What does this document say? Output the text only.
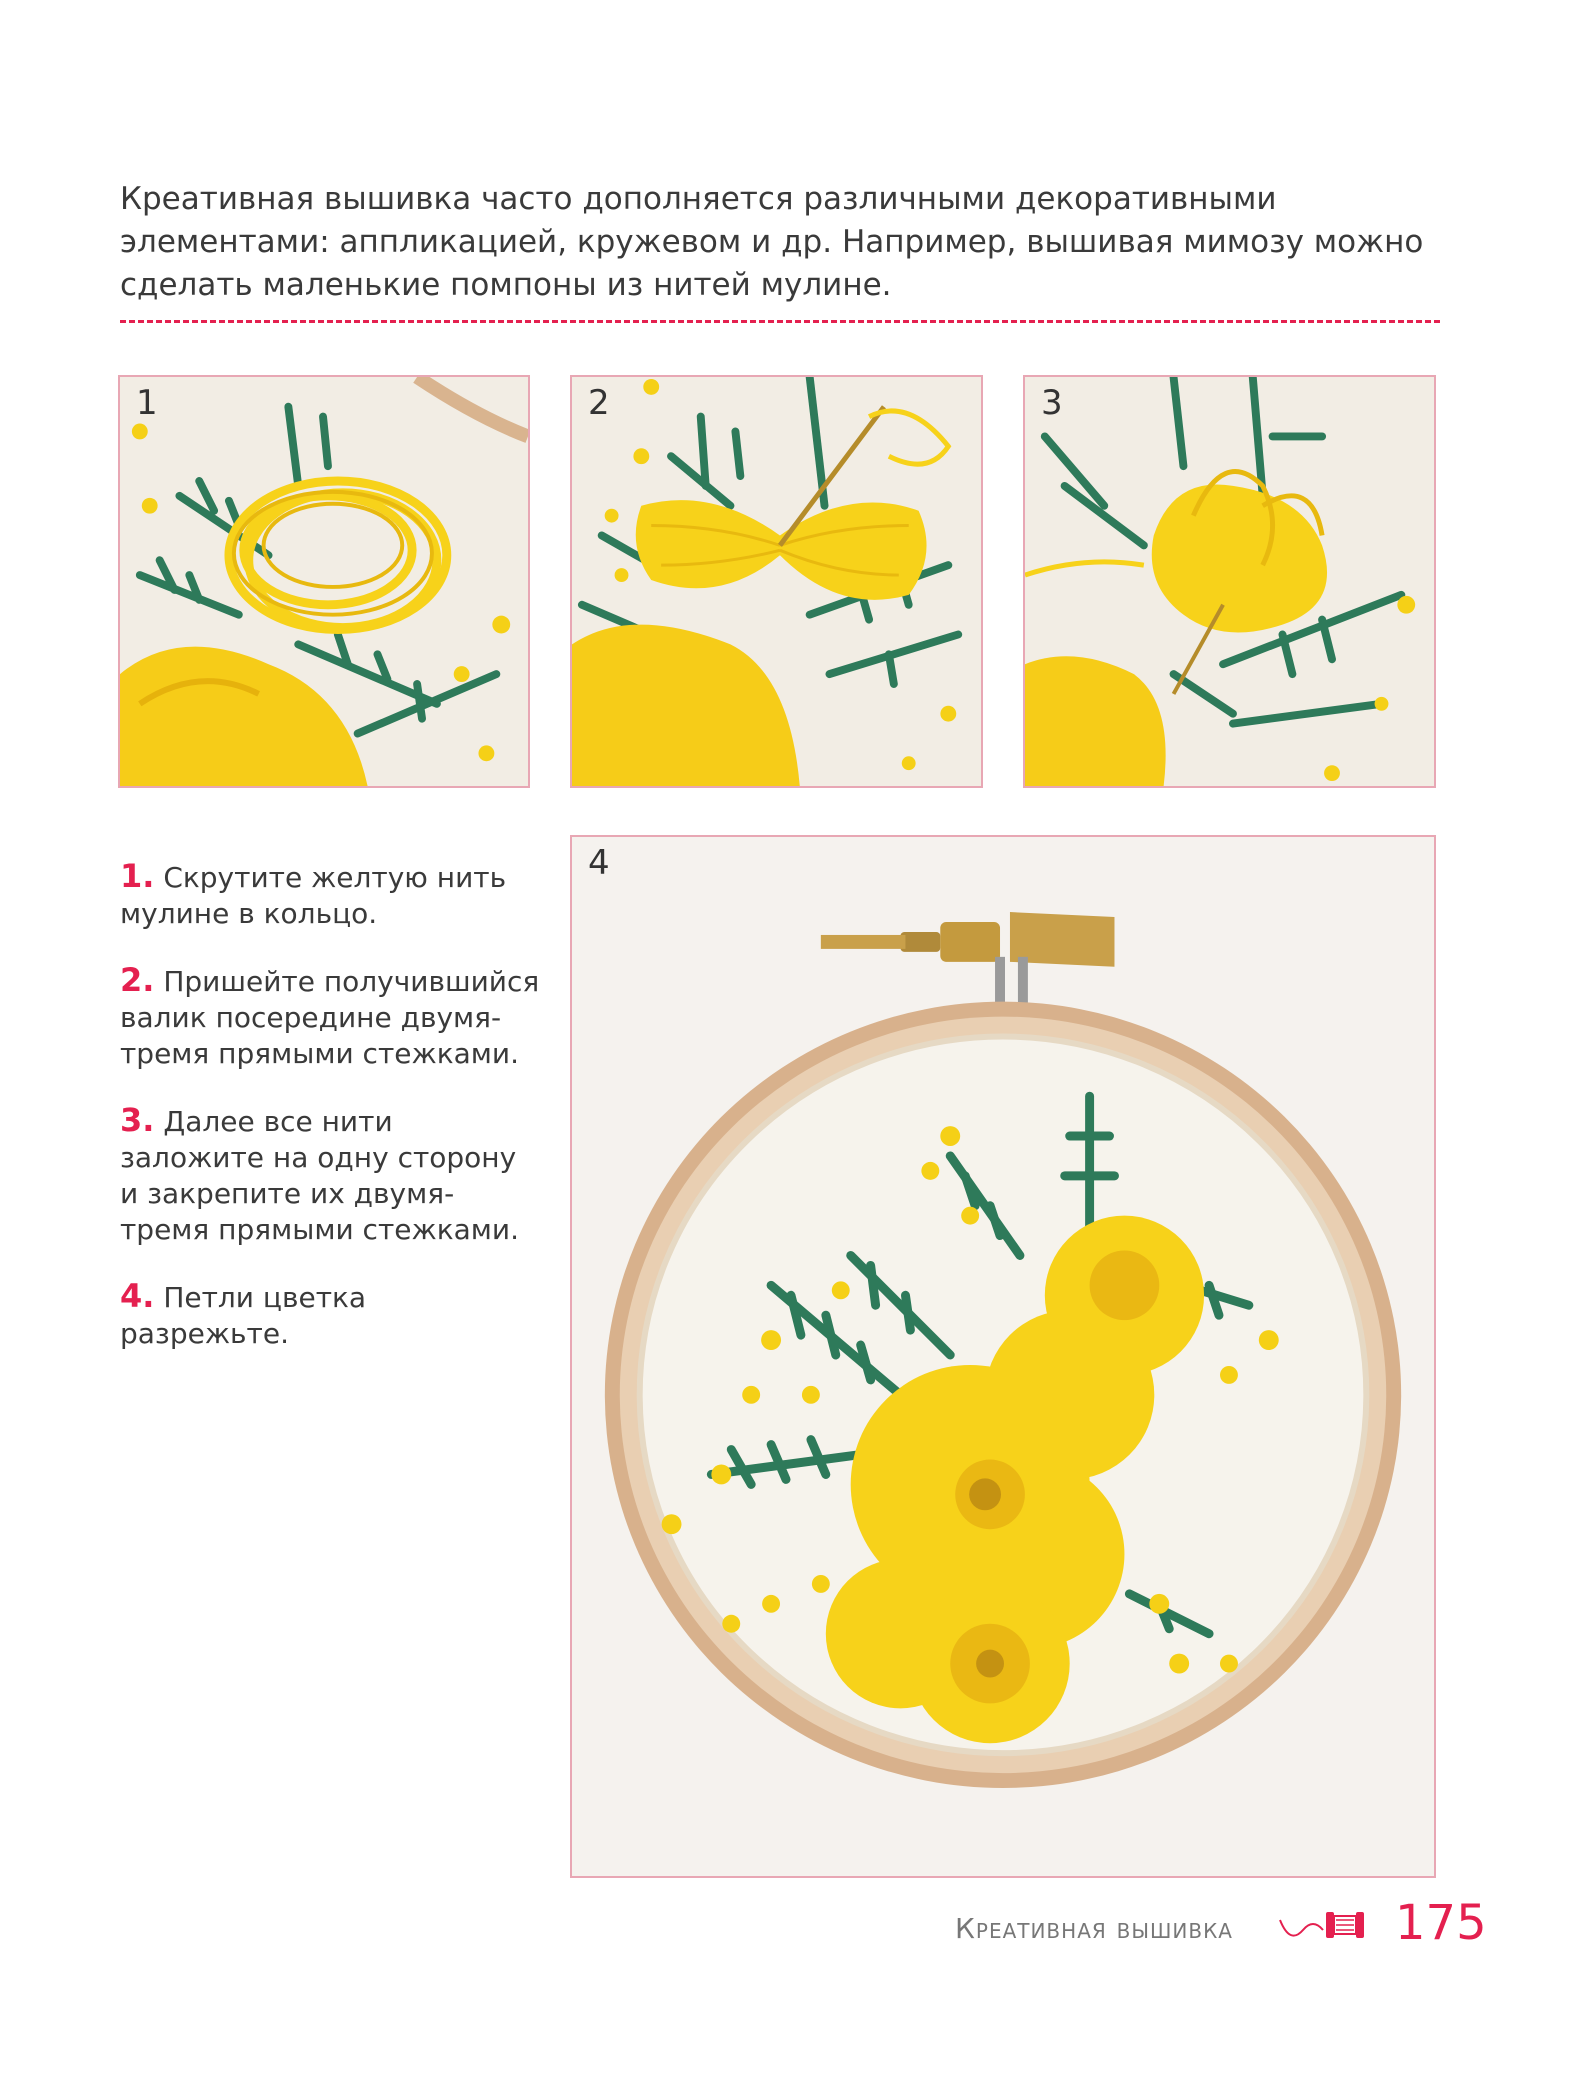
Креативная вышивка часто дополняется различными декоративными элементами: аппликацией, кружевом и др. Например, вышивая мимозу можно сделать маленькие помпоны из нитей мулине.

1	2	3

1. Скрутите желтую нить мулине в кольцо.

2. Пришейте получившийся валик посередине двумя-тремя прямыми стежками.

3. Далее все нити заложите на одну сторону и закрепите их двумя-тремя прямыми стежками.

4. Петли цветка разрежьте.

4
Креативная вышивка	175
